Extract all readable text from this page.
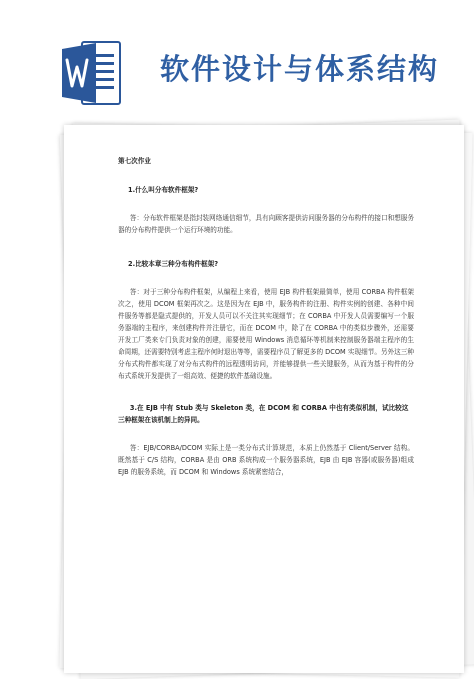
软件设计与体系结构
第七次作业
1.什么叫分布软件框架?
答：分布软件框架是指封装网络通信细节，具有向顾客提供访问服务器的分布构件的接口和想服务器的分布构件提供一个运行环境的功能。
2.比较本章三种分布构件框架?
答：对于三种分布构件框架，从编程上来看，使用 EJB 构件框架最简单，使用 CORBA 构件框架次之，使用 DCOM 框架再次之。这是因为在 EJB 中，服务构件的注册、构件实例的创建、各种中间件服务等都是隐式提供的，开发人员可以不关注其实现细节；在 CORBA 中开发人员需要编写一个服务器端的主程序，来创建构件并注册它，而在 DCOM 中，除了在 CORBA 中的类似步骤外，还需要开发工厂类来专门负责对象的创建，需要使用 Windows 消息循环等机制来控制服务器端主程序的生命周期，还需要特别考虑主程序何时退出等等，需要程序员了解更多的 DCOM 实现细节。另外这三种分布式构件都实现了对分布式构件的远程透明访问，并能够提供一些关键服务，从而为基于构件的分布式系统开发提供了一组高效、便捷的软件基础设施。
3.在 EJB 中有 Stub 类与 Skeleton 类，在 DCOM 和 CORBA 中也有类似机制，试比较这三种框架在该机制上的异同。
答：EJB/CORBA/DCOM 实际上是一类分布式计算规范，本质上仍然基于 Client/Server 结构。既然基于 C/S 结构，CORBA 是由 ORB 系统构成一个服务器系统，EJB 由 EJB 容器(或服务器)组成 EJB 的服务系统，而 DCOM 和 Windows 系统紧密结合，
